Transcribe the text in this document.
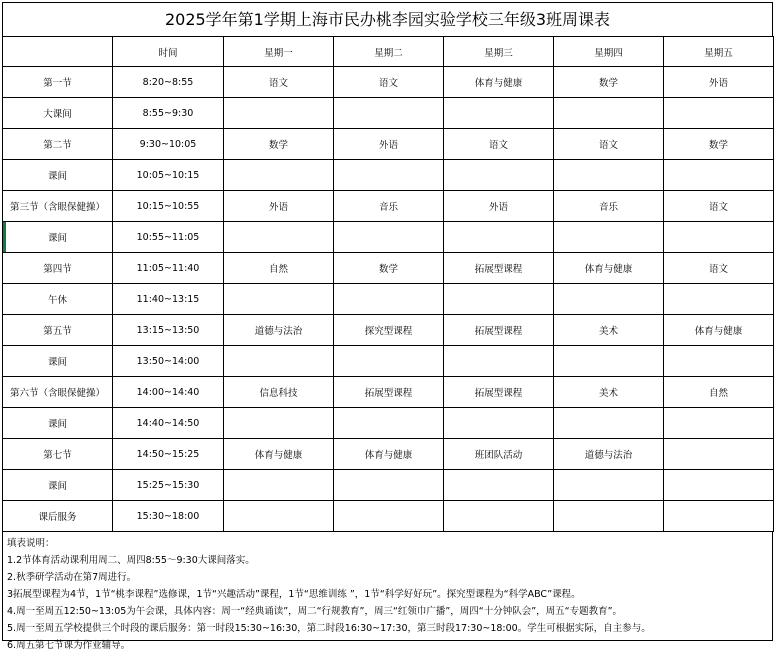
2025学年第1学期上海市民办桃李园实验学校三年级3班周课表
	时间	星期一	星期二	星期三	星期四	星期五
第一节	8:20~8:55	语文	语文	体育与健康	数学	外语
大课间	8:55~9:30					
第二节	9:30~10:05	数学	外语	语文	语文	数学
课间	10:05~10:15					
第三节（含眼保健操）	10:15~10:55	外语	音乐	外语	音乐	语文
课间	10:55~11:05					
第四节	11:05~11:40	自然	数学	拓展型课程	体育与健康	语文
午休	11:40~13:15					
第五节	13:15~13:50	道德与法治	探究型课程	拓展型课程	美术	体育与健康
课间	13:50~14:00					
第六节（含眼保健操）	14:00~14:40	信息科技	拓展型课程	拓展型课程	美术	自然
课间	14:40~14:50					
第七节	14:50~15:25	体育与健康	体育与健康	班团队活动	道德与法治	
课间	15:25~15:30					
课后服务	15:30~18:00					
填表说明：
1.2节体育活动课利用周二、周四8:55～9:30大课间落实。
2.秋季研学活动在第7周进行。
3拓展型课程为4节，1节“桃李课程”选修课，1节“兴趣活动”课程，1节“思维训练 ”，1节“科学好好玩”。探究型课程为“科学ABC”课程。
4.周一至周五12:50~13:05为午会课，具体内容：周一“经典诵读”，周二“行规教育”，周三“红领巾广播”，周四“十分钟队会”，周五“专题教育”。
5.周一至周五学校提供三个时段的课后服务：第一时段15:30~16:30，第二时段16:30~17:30，第三时段17:30~18:00。学生可根据实际，自主参与。
6.周五第七节课为作业辅导。
